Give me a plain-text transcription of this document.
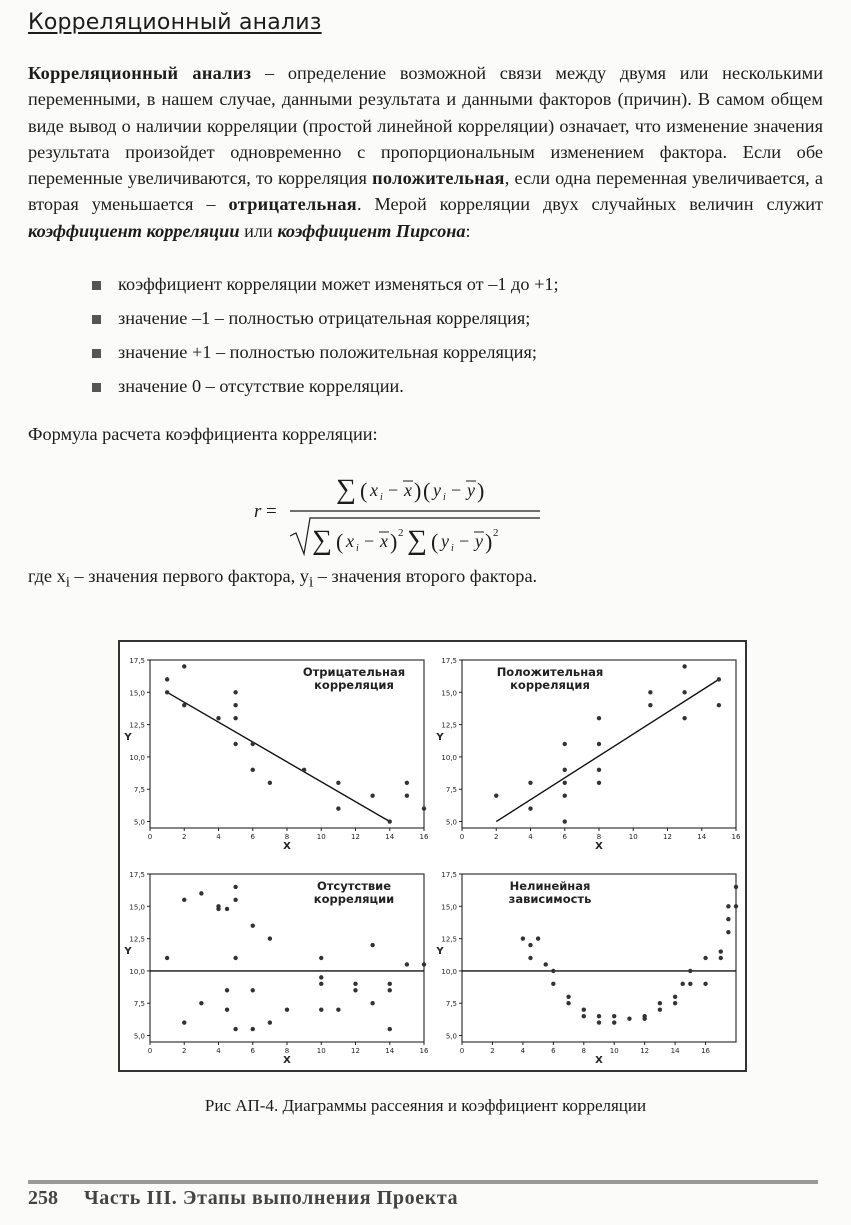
Корреляционный анализ
Корреляционный анализ – определение возможной связи между двумя или несколькими переменными, в нашем случае, данными результата и данными факторов (причин). В самом общем виде вывод о наличии корреляции (простой линейной корреляции) означает, что изменение значения результата произойдет одновременно с пропорциональным изменением фактора. Если обе переменные увеличиваются, то корреляция положительная, если одна переменная увеличивается, а вторая уменьшается – отрицательная. Мерой корреляции двух случайных величин служит коэффициент корреляции или коэффициент Пирсона:
коэффициент корреляции может изменяться от –1 до +1;
значение –1 – полностью отрицательная корреляция;
значение +1 – полностью положительная корреляция;
значение 0 – отсутствие корреляции.
Формула расчета коэффициента корреляции:
r =
∑ ( x i − x ) ( y i − y )
∑ ( x i − x ) 2 ∑ ( y i − y ) 2
где $x_i$ – значения первого фактора, $y_i$ – значения второго фактора.
5,0
7,5
10,0
12,5
15,0
17,5
0	2	4	6	8	10	12	14	16
X
Y
Отрицательная
корреляция
5,0
7,5
10,0
12,5
15,0
17,5
0	2	4	6	8	10	12	14	16
X
Y
Положительная
корреляция
5,0
7,5
10,0
12,5
15,0
17,5
0	2	4	6	8	10	12	14	16
X
Y
Отсутствие
корреляции
5,0
7,5
10,0
12,5
15,0
17,5
0	2	4	6	8	10	12	14	16
X
Y
Нелинейная
зависимость
Рис АП-4. Диаграммы рассеяния и коэффициент корреляции
258 Часть III. Этапы выполнения Проекта
